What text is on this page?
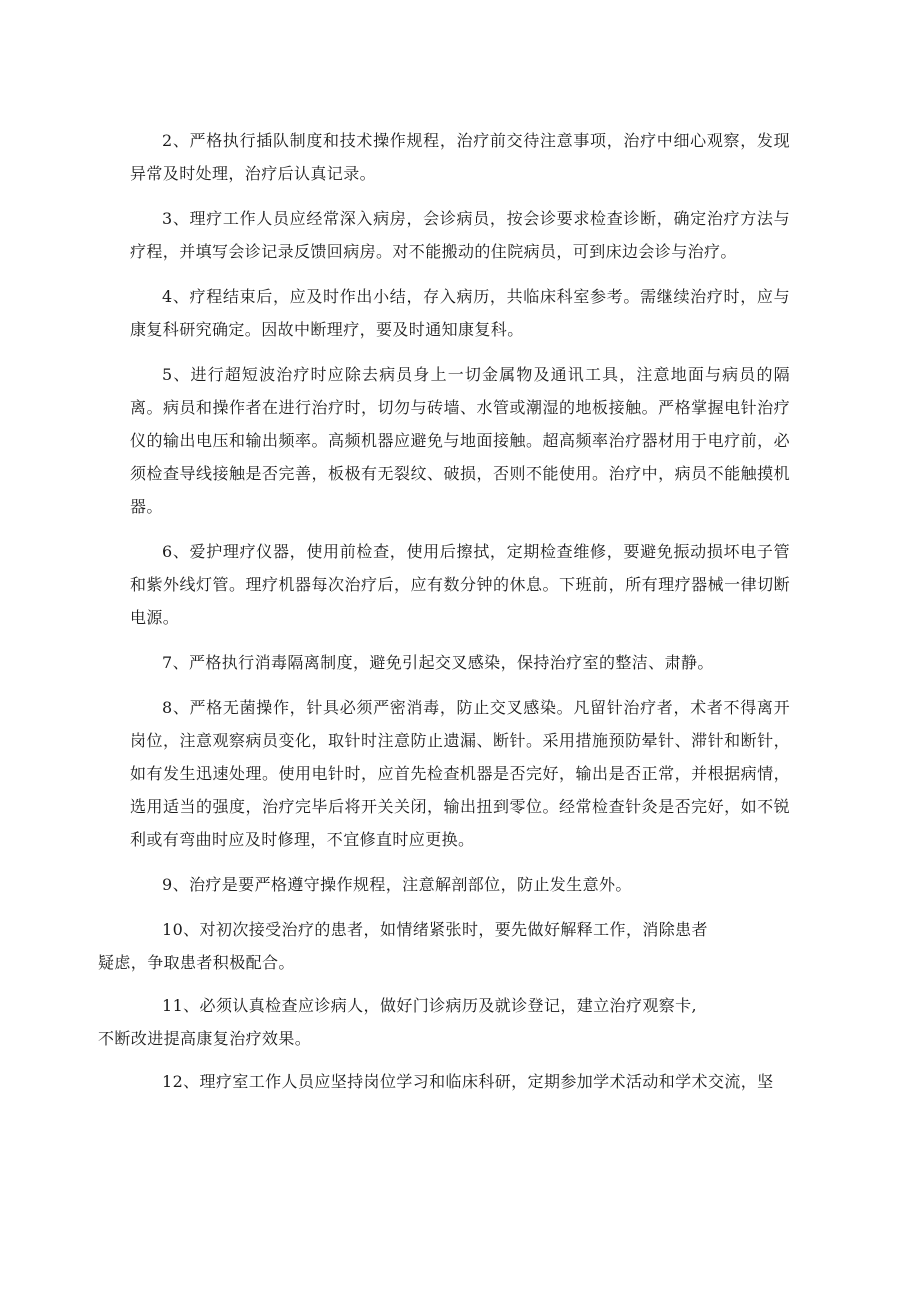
2、严格执行插队制度和技术操作规程，治疗前交待注意事项，治疗中细心观察，发现异常及时处理，治疗后认真记录。

3、理疗工作人员应经常深入病房，会诊病员，按会诊要求检查诊断，确定治疗方法与疗程，并填写会诊记录反馈回病房。对不能搬动的住院病员，可到床边会诊与治疗。

4、疗程结束后，应及时作出小结，存入病历，共临床科室参考。需继续治疗时，应与康复科研究确定。因故中断理疗，要及时通知康复科。

5、进行超短波治疗时应除去病员身上一切金属物及通讯工具，注意地面与病员的隔离。病员和操作者在进行治疗时，切勿与砖墙、水管或潮湿的地板接触。严格掌握电针治疗仪的输出电压和输出频率。高频机器应避免与地面接触。超高频率治疗器材用于电疗前，必须检查导线接触是否完善，板极有无裂纹、破损，否则不能使用。治疗中，病员不能触摸机器。

6、爱护理疗仪器，使用前检查，使用后擦拭，定期检查维修，要避免振动损坏电子管和紫外线灯管。理疗机器每次治疗后，应有数分钟的休息。下班前，所有理疗器械一律切断电源。

7、严格执行消毒隔离制度，避免引起交叉感染，保持治疗室的整洁、肃静。

8、严格无菌操作，针具必须严密消毒，防止交叉感染。凡留针治疗者，术者不得离开岗位，注意观察病员变化，取针时注意防止遗漏、断针。采用措施预防晕针、滞针和断针，如有发生迅速处理。使用电针时，应首先检查机器是否完好，输出是否正常，并根据病情，选用适当的强度，治疗完毕后将开关关闭，输出扭到零位。经常检查针灸是否完好，如不锐利或有弯曲时应及时修理，不宜修直时应更换。

9、治疗是要严格遵守操作规程，注意解剖部位，防止发生意外。

10、对初次接受治疗的患者，如情绪紧张时，要先做好解释工作，消除患者
疑虑，争取患者积极配合。

11、必须认真检查应诊病人，做好门诊病历及就诊登记，建立治疗观察卡,
不断改进提高康复治疗效果。

12、理疗室工作人员应坚持岗位学习和临床科研，定期参加学术活动和学术交流，坚
